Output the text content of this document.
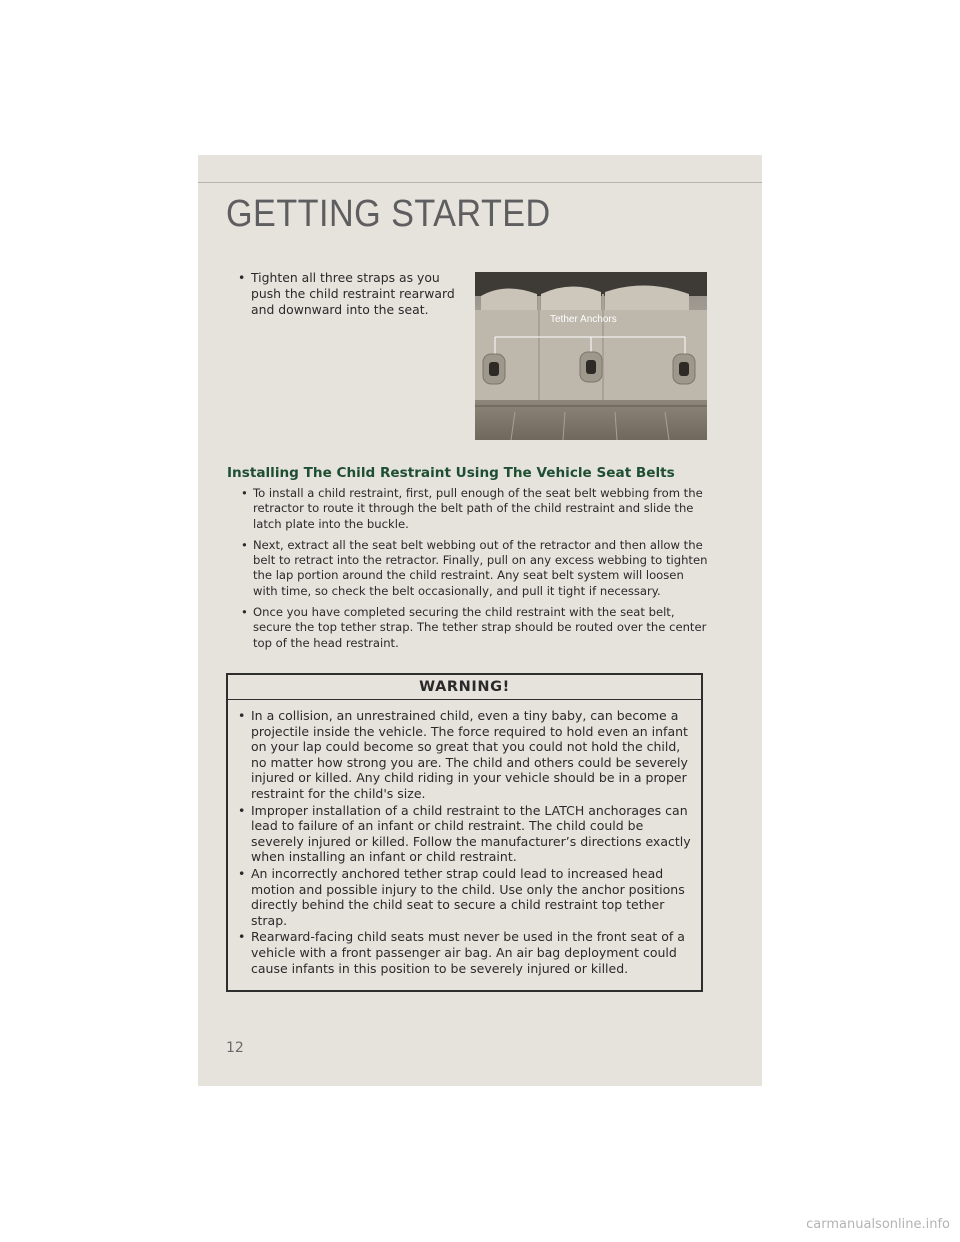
GETTING STARTED
• Tighten all three straps as you push the child restraint rearward and downward into the seat.
Tether Anchors
Installing The Child Restraint Using The Vehicle Seat Belts
• To install a child restraint, first, pull enough of the seat belt webbing from the retractor to route it through the belt path of the child restraint and slide the latch plate into the buckle.
• Next, extract all the seat belt webbing out of the retractor and then allow the belt to retract into the retractor. Finally, pull on any excess webbing to tighten the lap portion around the child restraint. Any seat belt system will loosen with time, so check the belt occasionally, and pull it tight if necessary.
• Once you have completed securing the child restraint with the seat belt, secure the top tether strap. The tether strap should be routed over the center top of the head restraint.
WARNING!
• In a collision, an unrestrained child, even a tiny baby, can become a projectile inside the vehicle. The force required to hold even an infant on your lap could become so great that you could not hold the child, no matter how strong you are. The child and others could be severely injured or killed. Any child riding in your vehicle should be in a proper restraint for the child's size.
• Improper installation of a child restraint to the LATCH anchorages can lead to failure of an infant or child restraint. The child could be severely injured or killed. Follow the manufacturer’s directions exactly when installing an infant or child restraint.
• An incorrectly anchored tether strap could lead to increased head motion and possible injury to the child. Use only the anchor positions directly behind the child seat to secure a child restraint top tether strap.
• Rearward-facing child seats must never be used in the front seat of a vehicle with a front passenger air bag. An air bag deployment could cause infants in this position to be severely injured or killed.
12
carmanualsonline.info
